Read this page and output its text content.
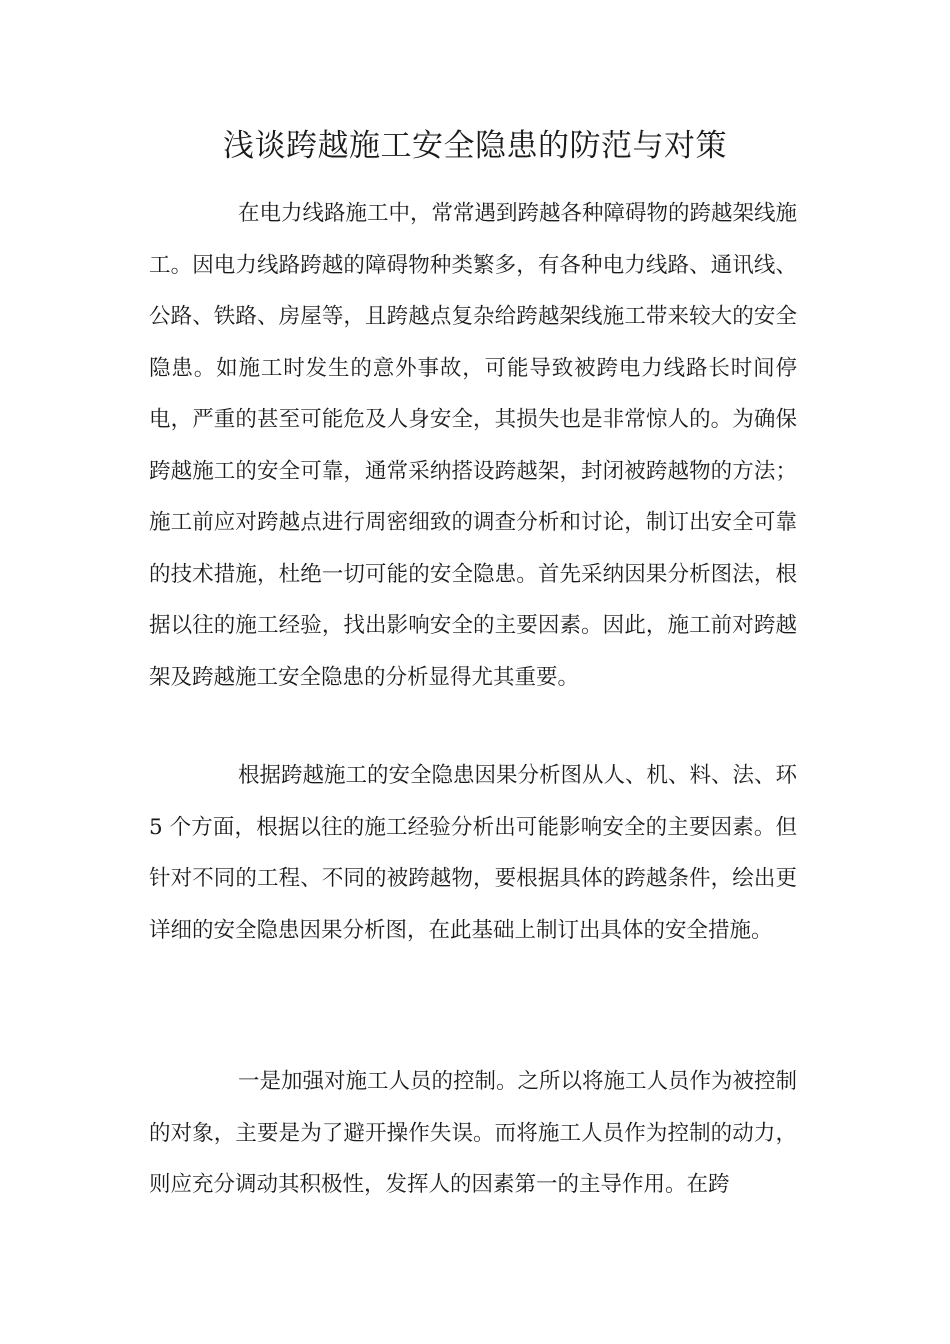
浅谈跨越施工安全隐患的防范与对策

在电力线路施工中，常常遇到跨越各种障碍物的跨越架线施工。因电力线路跨越的障碍物种类繁多，有各种电力线路、通讯线、公路、铁路、房屋等，且跨越点复杂给跨越架线施工带来较大的安全隐患。如施工时发生的意外事故，可能导致被跨电力线路长时间停电，严重的甚至可能危及人身安全，其损失也是非常惊人的。为确保跨越施工的安全可靠，通常采纳搭设跨越架，封闭被跨越物的方法；施工前应对跨越点进行周密细致的调查分析和讨论，制订出安全可靠的技术措施，杜绝一切可能的安全隐患。首先采纳因果分析图法，根据以往的施工经验，找出影响安全的主要因素。因此，施工前对跨越架及跨越施工安全隐患的分析显得尤其重要。

根据跨越施工的安全隐患因果分析图从人、机、料、法、环 5 个方面，根据以往的施工经验分析出可能影响安全的主要因素。但针对不同的工程、不同的被跨越物，要根据具体的跨越条件，绘出更详细的安全隐患因果分析图，在此基础上制订出具体的安全措施。

一是加强对施工人员的控制。之所以将施工人员作为被控制的对象，主要是为了避开操作失误。而将施工人员作为控制的动力，则应充分调动其积极性，发挥人的因素第一的主导作用。在跨
